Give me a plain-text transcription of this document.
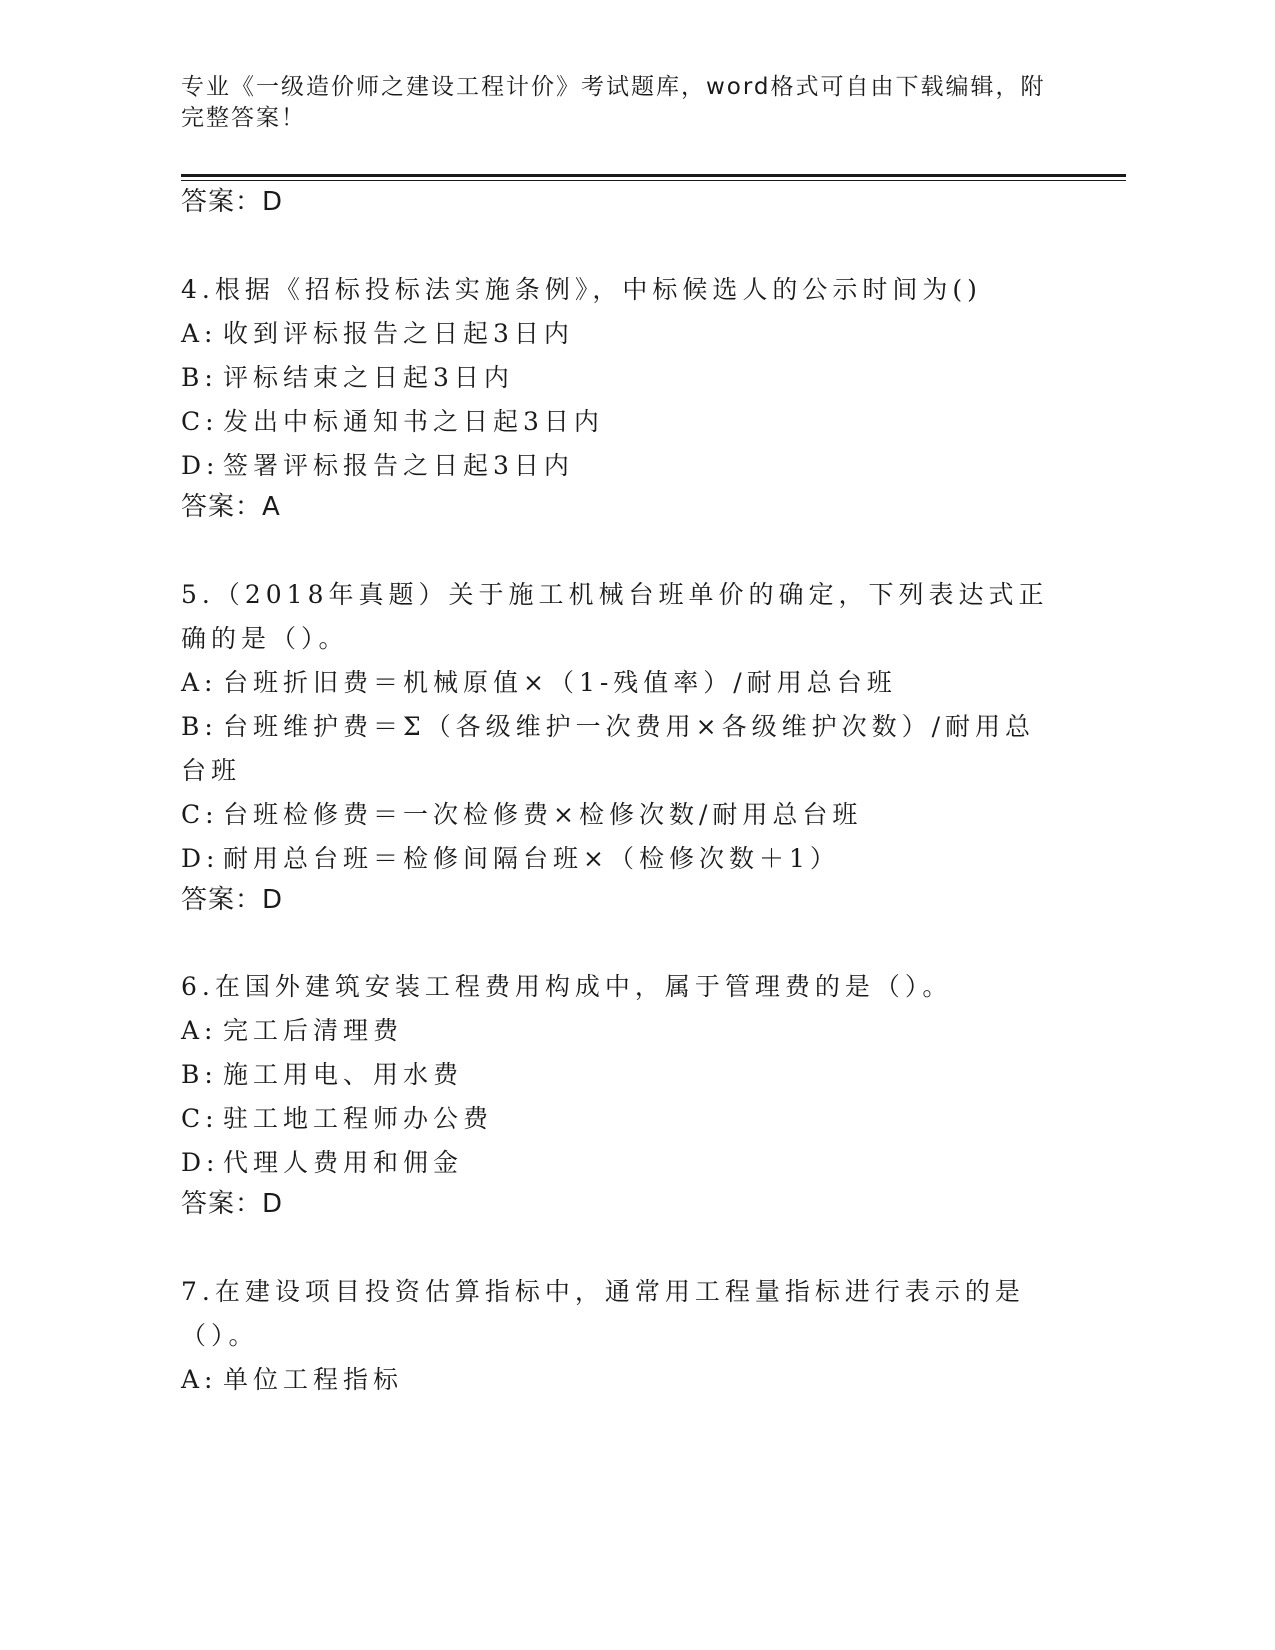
专业《一级造价师之建设工程计价》考试题库，word格式可自由下载编辑，附完整答案！
答案：D
4.根据《招标投标法实施条例》，中标候选人的公示时间为()
A: 收到评标报告之日起3日内
B: 评标结束之日起3日内
C: 发出中标通知书之日起3日内
D: 签署评标报告之日起3日内
答案：A
5.（2018年真题）关于施工机械台班单价的确定，下列表达式正确的是（）。
A: 台班折旧费＝机械原值×（1-残值率）/耐用总台班
B: 台班维护费＝Σ（各级维护一次费用×各级维护次数）/耐用总台班
C: 台班检修费＝一次检修费×检修次数/耐用总台班
D: 耐用总台班＝检修间隔台班×（检修次数＋1）
答案：D
6.在国外建筑安装工程费用构成中，属于管理费的是（）。
A: 完工后清理费
B: 施工用电、用水费
C: 驻工地工程师办公费
D: 代理人费用和佣金
答案：D
7.在建设项目投资估算指标中，通常用工程量指标进行表示的是（）。
A: 单位工程指标
